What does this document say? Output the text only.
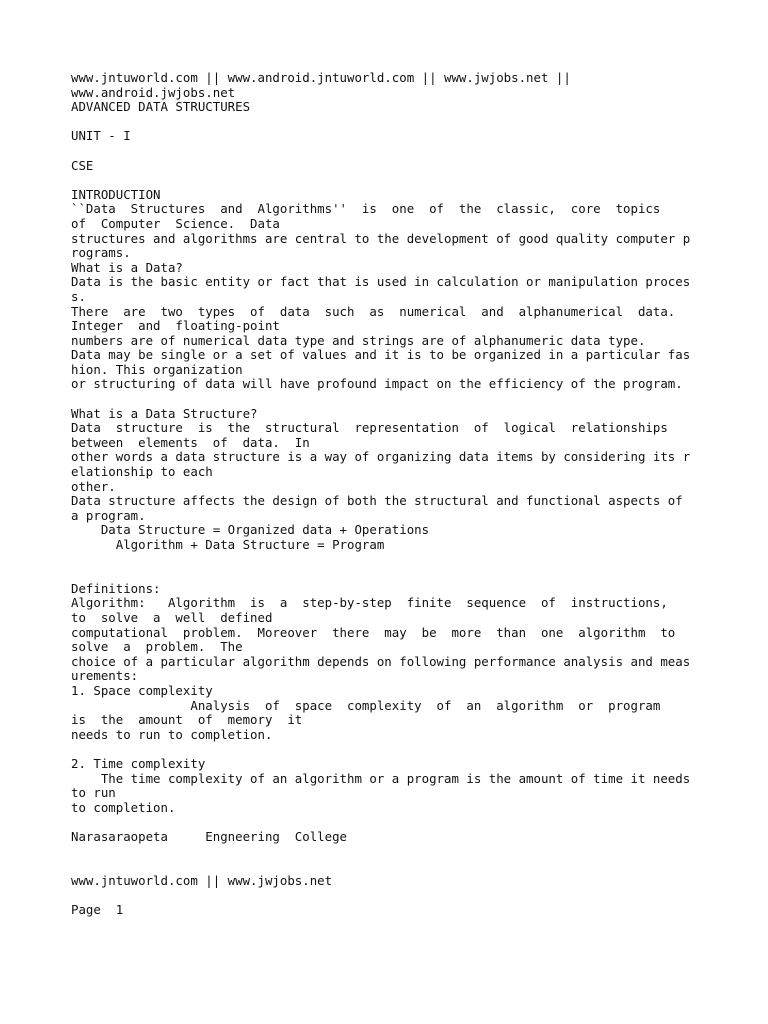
www.jntuworld.com || www.android.jntuworld.com || www.jwjobs.net ||
www.android.jwjobs.net
ADVANCED DATA STRUCTURES

UNIT - I

CSE

INTRODUCTION
``Data  Structures  and  Algorithms''  is  one  of  the  classic,  core  topics
of  Computer  Science.  Data
structures and algorithms are central to the development of good quality computer p
rograms.
What is a Data?
Data is the basic entity or fact that is used in calculation or manipulation proces
s.
There  are  two  types  of  data  such  as  numerical  and  alphanumerical  data.
Integer  and  floating-point
numbers are of numerical data type and strings are of alphanumeric data type.
Data may be single or a set of values and it is to be organized in a particular fas
hion. This organization
or structuring of data will have profound impact on the efficiency of the program.

What is a Data Structure?
Data  structure  is  the  structural  representation  of  logical  relationships
between  elements  of  data.  In
other words a data structure is a way of organizing data items by considering its r
elationship to each
other.
Data structure affects the design of both the structural and functional aspects of
a program.
Data Structure = Organized data + Operations
Algorithm + Data Structure = Program

Definitions:
Algorithm:   Algorithm  is  a  step-by-step  finite  sequence  of  instructions,
to  solve  a  well  defined
computational  problem.  Moreover  there  may  be  more  than  one  algorithm  to
solve  a  problem.  The
choice of a particular algorithm depends on following performance analysis and meas
urements:
1. Space complexity
Analysis  of  space  complexity  of  an  algorithm  or  program
is  the  amount  of  memory  it
needs to run to completion.

2. Time complexity
The time complexity of an algorithm or a program is the amount of time it needs
to run
to completion.

Narasaraopeta     Engneering  College

www.jntuworld.com || www.jwjobs.net

Page  1
